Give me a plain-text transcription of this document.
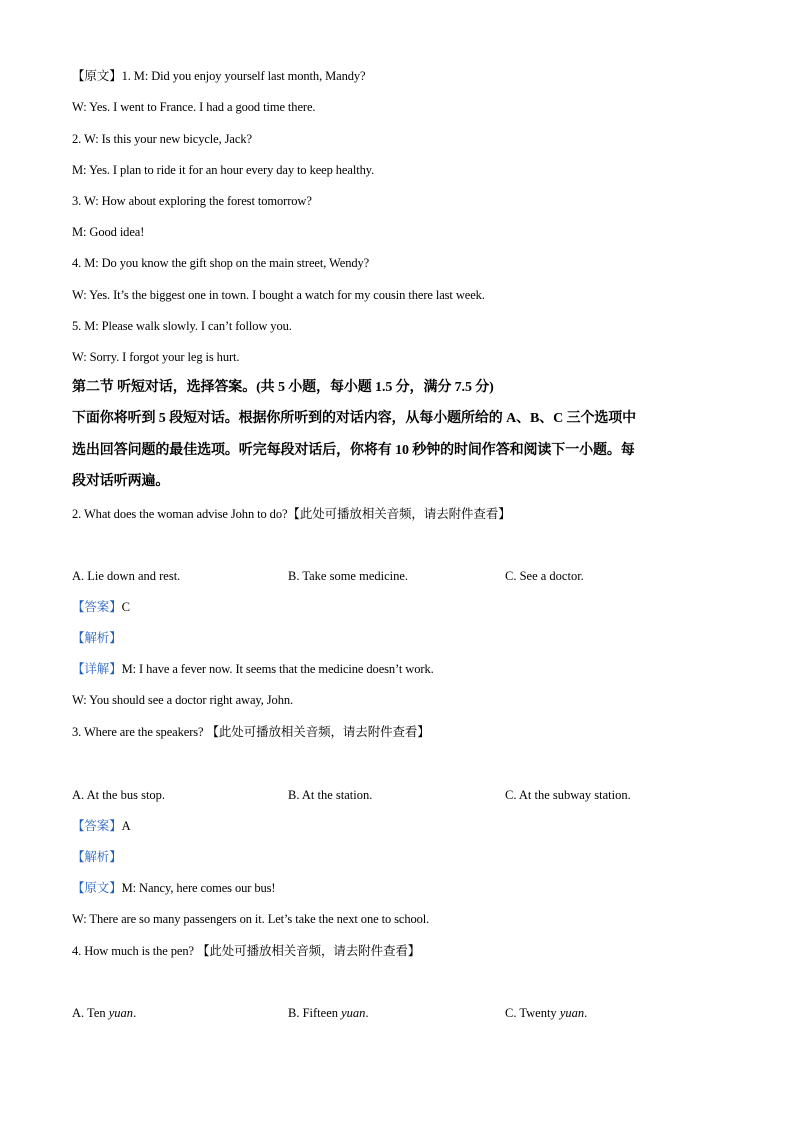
【原文】1. M: Did you enjoy yourself last month, Mandy?
W: Yes. I went to France. I had a good time there.
2. W: Is this your new bicycle, Jack?
M: Yes. I plan to ride it for an hour every day to keep healthy.
3. W: How about exploring the forest tomorrow?
M: Good idea!
4. M: Do you know the gift shop on the main street, Wendy?
W: Yes. It’s the biggest one in town. I bought a watch for my cousin there last week.
5. M: Please walk slowly. I can’t follow you.
W: Sorry. I forgot your leg is hurt.
第二节 听短对话，选择答案。(共 5 小题，每小题 1.5 分，满分 7.5 分)
下面你将听到 5 段短对话。根据你所听到的对话内容，从每小题所给的 A、B、C 三个选项中
选出回答问题的最佳选项。听完每段对话后，你将有 10 秒钟的时间作答和阅读下一小题。每
段对话听两遍。
2. What does the woman advise John to do?【此处可播放相关音频，请去附件查看】
A. Lie down and rest.	B. Take some medicine.	C. See a doctor.
【答案】C
【解析】
【详解】M: I have a fever now. It seems that the medicine doesn’t work.
W: You should see a doctor right away, John.
3. Where are the speakers? 【此处可播放相关音频，请去附件查看】
A. At the bus stop.	B. At the station.	C. At the subway station.
【答案】A
【解析】
【原文】M: Nancy, here comes our bus!
W: There are so many passengers on it. Let’s take the next one to school.
4. How much is the pen? 【此处可播放相关音频，请去附件查看】
A. Ten yuan.	B. Fifteen yuan.	C. Twenty yuan.
